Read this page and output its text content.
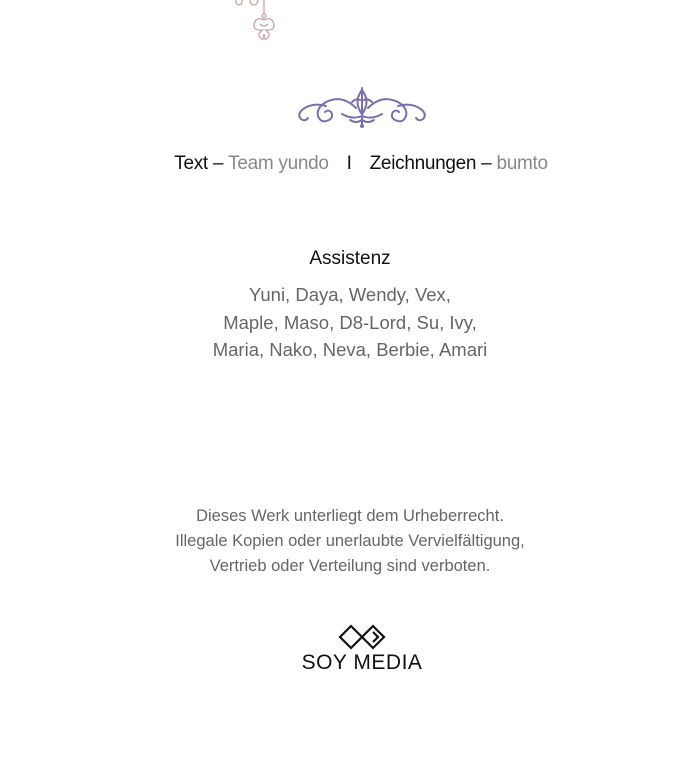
Text – Team yundo I Zeichnungen – bumto
Assistenz
Yuni, Daya, Wendy, Vex,
Maple, Maso, D8-Lord, Su, Ivy,
Maria, Nako, Neva, Berbie, Amari
Dieses Werk unterliegt dem Urheberrecht.
Illegale Kopien oder unerlaubte Vervielfältigung,
Vertrieb oder Verteilung sind verboten.
SOY MEDIA
